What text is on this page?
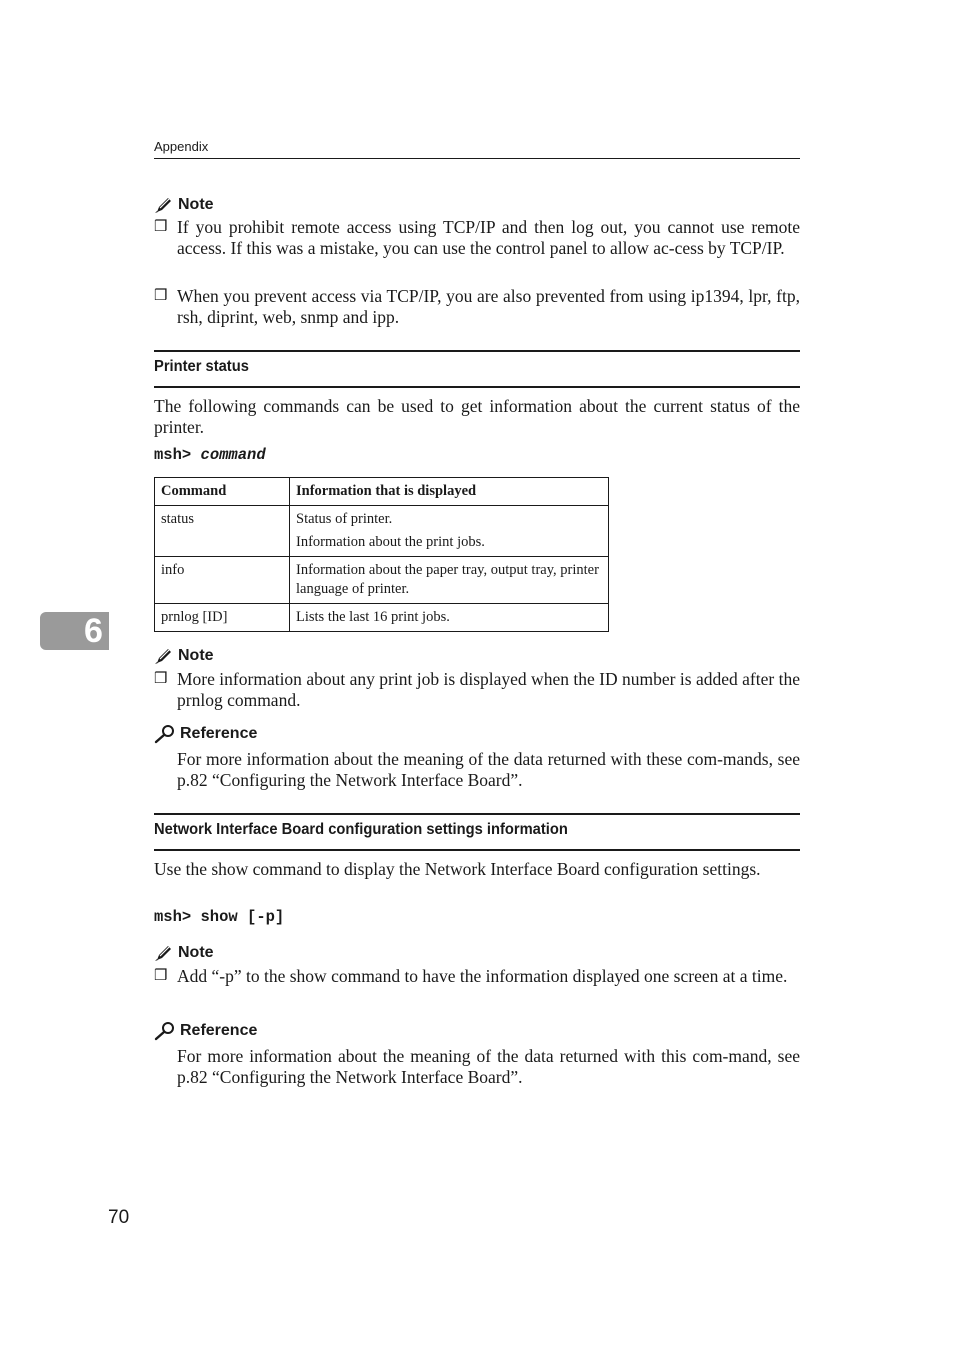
Appendix
Note
❒ If you prohibit remote access using TCP/IP and then log out, you cannot use remote access. If this was a mistake, you can use the control panel to allow ac-cess by TCP/IP.
❒ When you prevent access via TCP/IP, you are also prevented from using ip1394, lpr, ftp, rsh, diprint, web, snmp and ipp.
Printer status
The following commands can be used to get information about the current status of the printer.
msh> command
Command	Information that is displayed
status	Status of printer.
Information about the print jobs.

info	Information about the paper tray, output tray, printer language of printer.
prnlog [ID]	Lists the last 16 print jobs.
6
Note
❒ More information about any print job is displayed when the ID number is added after the prnlog command.
Reference
For more information about the meaning of the data returned with these com-mands, see p.82 “Configuring the Network Interface Board”.
Network Interface Board configuration settings information
Use the show command to display the Network Interface Board configuration settings.
msh> show [-p]
Note
❒ Add “-p” to the show command to have the information displayed one screen at a time.
Reference
For more information about the meaning of the data returned with this com-mand, see p.82 “Configuring the Network Interface Board”.
70
